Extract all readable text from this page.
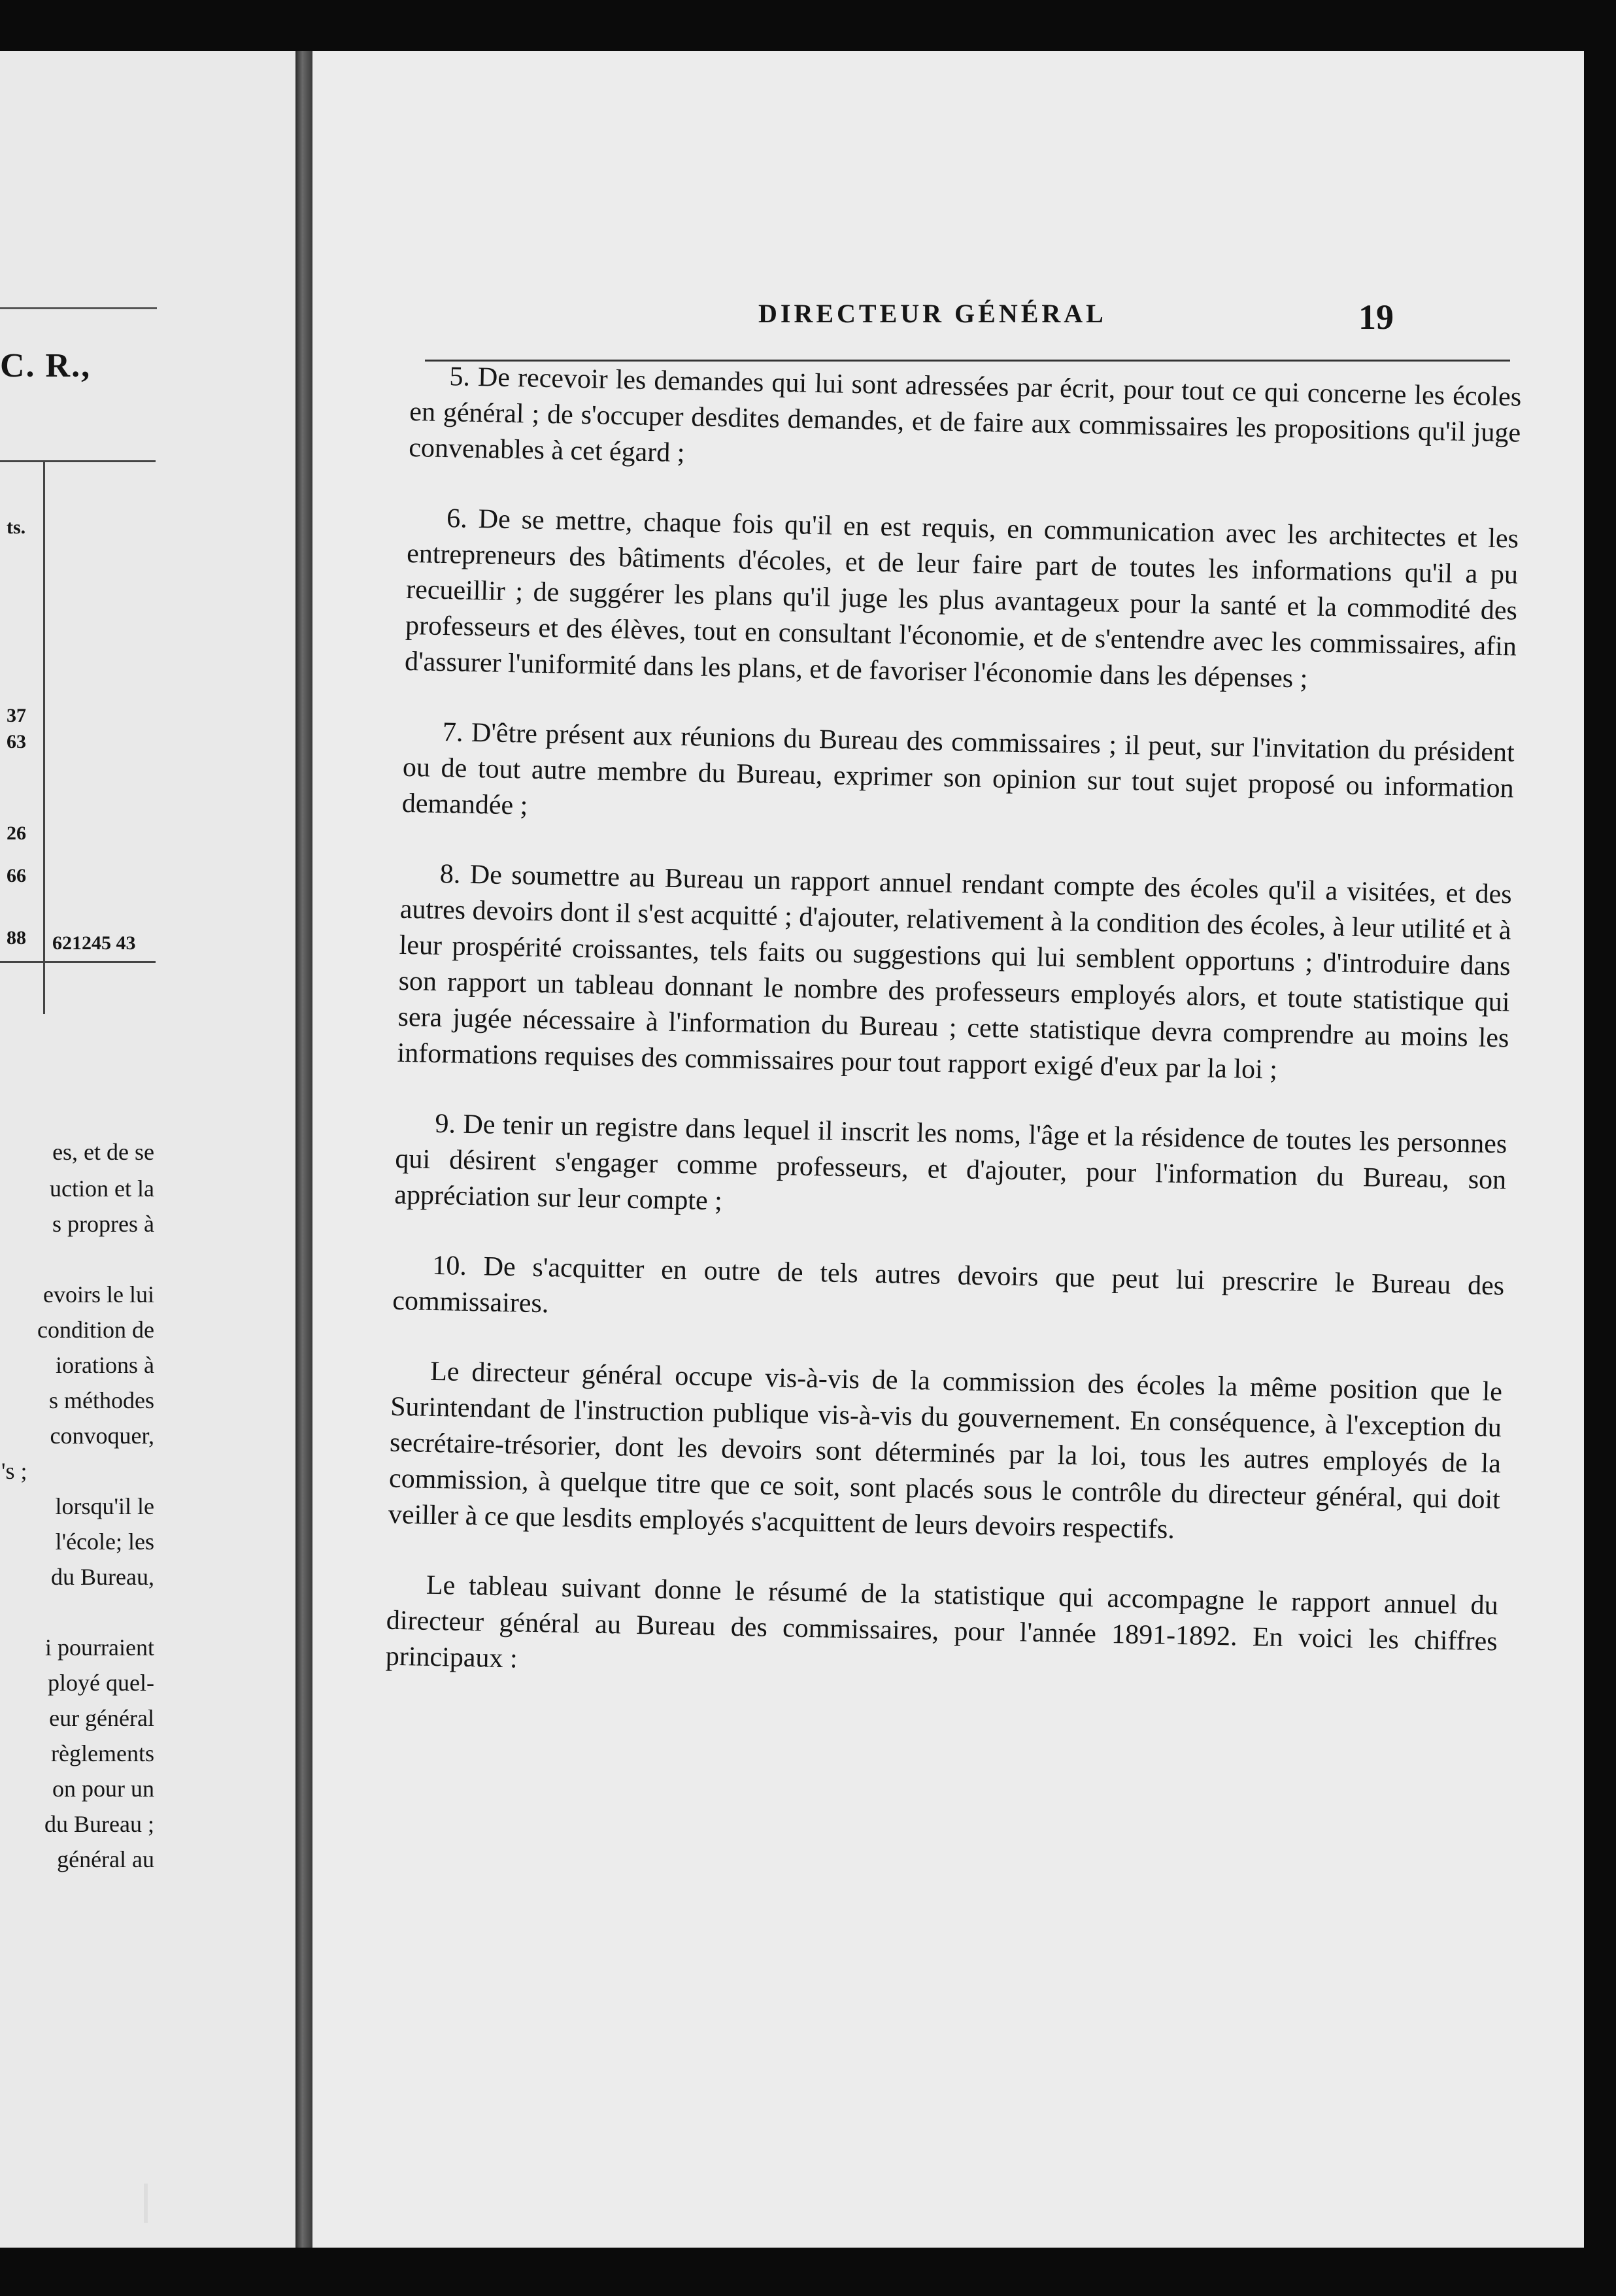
C. R.,
ts.
37
63
26
66
88 621245 43
es, et de se
uction et la
s propres à
evoirs le lui
condition de
iorations à
s méthodes
convoquer,
's ;
lorsqu'il le
l'école; les
du Bureau,
i pourraient
ployé quel-
eur général
règlements
on pour un
du Bureau ;
général au
DIRECTEUR GÉNÉRAL	19

5. De recevoir les demandes qui lui sont adressées par écrit, pour tout ce qui concerne les écoles en général ; de s'occuper desdites demandes, et de faire aux commissaires les propositions qu'il juge convenables à cet égard ;

6. De se mettre, chaque fois qu'il en est requis, en communication avec les architectes et les entrepreneurs des bâtiments d'écoles, et de leur faire part de toutes les informations qu'il a pu recueillir ; de suggérer les plans qu'il juge les plus avantageux pour la santé et la commodité des professeurs et des élèves, tout en consultant l'économie, et de s'entendre avec les commissaires, afin d'assurer l'uniformité dans les plans, et de favoriser l'économie dans les dépenses ;

7. D'être présent aux réunions du Bureau des commissaires ; il peut, sur l'invitation du président ou de tout autre membre du Bureau, exprimer son opinion sur tout sujet proposé ou information demandée ;

8. De soumettre au Bureau un rapport annuel rendant compte des écoles qu'il a visitées, et des autres devoirs dont il s'est acquitté ; d'ajouter, relativement à la condition des écoles, à leur utilité et à leur prospérité croissantes, tels faits ou suggestions qui lui semblent opportuns ; d'introduire dans son rapport un tableau donnant le nombre des professeurs employés alors, et toute statistique qui sera jugée nécessaire à l'information du Bureau ; cette statistique devra comprendre au moins les informations requises des commissaires pour tout rapport exigé d'eux par la loi ;

9. De tenir un registre dans lequel il inscrit les noms, l'âge et la résidence de toutes les personnes qui désirent s'engager comme professeurs, et d'ajouter, pour l'information du Bureau, son appréciation sur leur compte ;

10. De s'acquitter en outre de tels autres devoirs que peut lui prescrire le Bureau des commissaires.

Le directeur général occupe vis-à-vis de la commission des écoles la même position que le Surintendant de l'instruction publique vis-à-vis du gouvernement. En conséquence, à l'exception du secrétaire-trésorier, dont les devoirs sont déterminés par la loi, tous les autres employés de la commission, à quelque titre que ce soit, sont placés sous le contrôle du directeur général, qui doit veiller à ce que lesdits employés s'acquittent de leurs devoirs respectifs.

Le tableau suivant donne le résumé de la statistique qui accompagne le rapport annuel du directeur général au Bureau des commissaires, pour l'année 1891-1892. En voici les chiffres principaux :
